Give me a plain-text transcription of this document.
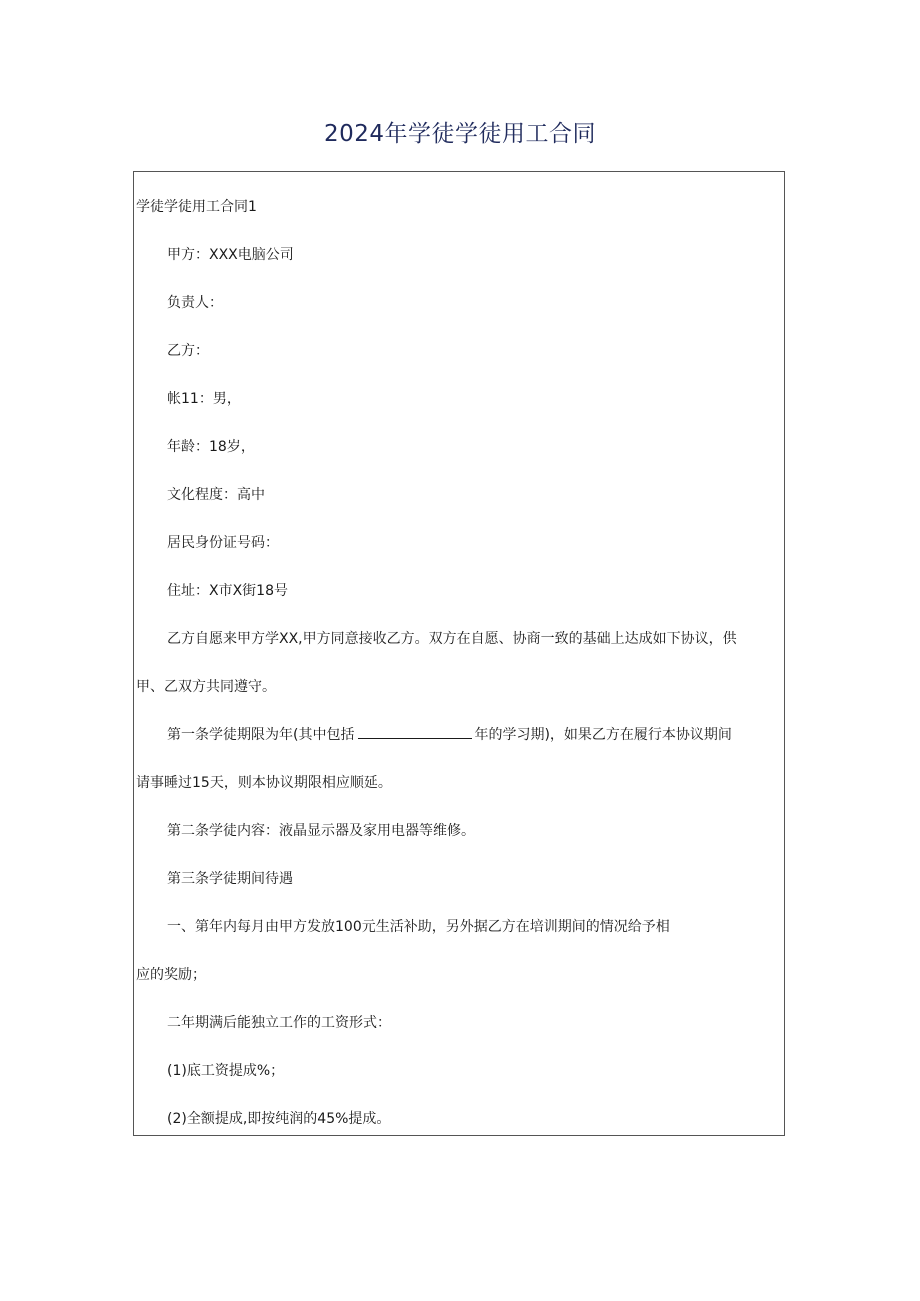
2024年学徒学徒用工合同
学徒学徒用工合同1
甲方：XXX电脑公司
负责人：
乙方：
帐11：男，
年龄：18岁，
文化程度：高中
居民身份证号码：
住址：X市X街18号
乙方自愿来甲方学XX,甲方同意接收乙方。双方在自愿、协商一致的基础上达成如下协议，供
甲、乙双方共同遵守。
第一条学徒期限为年(其中包括	年的学习期)，如果乙方在履行本协议期间
请事睡过15天，则本协议期限相应顺延。
第二条学徒内容：液晶显示器及家用电器等维修。
第三条学徒期间待遇
一、第年内每月由甲方发放100元生活补助，另外据乙方在培训期间的情况给予相
应的奖励；
二年期满后能独立工作的工资形式：
(1)底工资提成%；
(2)全额提成,即按纯润的45%提成。
